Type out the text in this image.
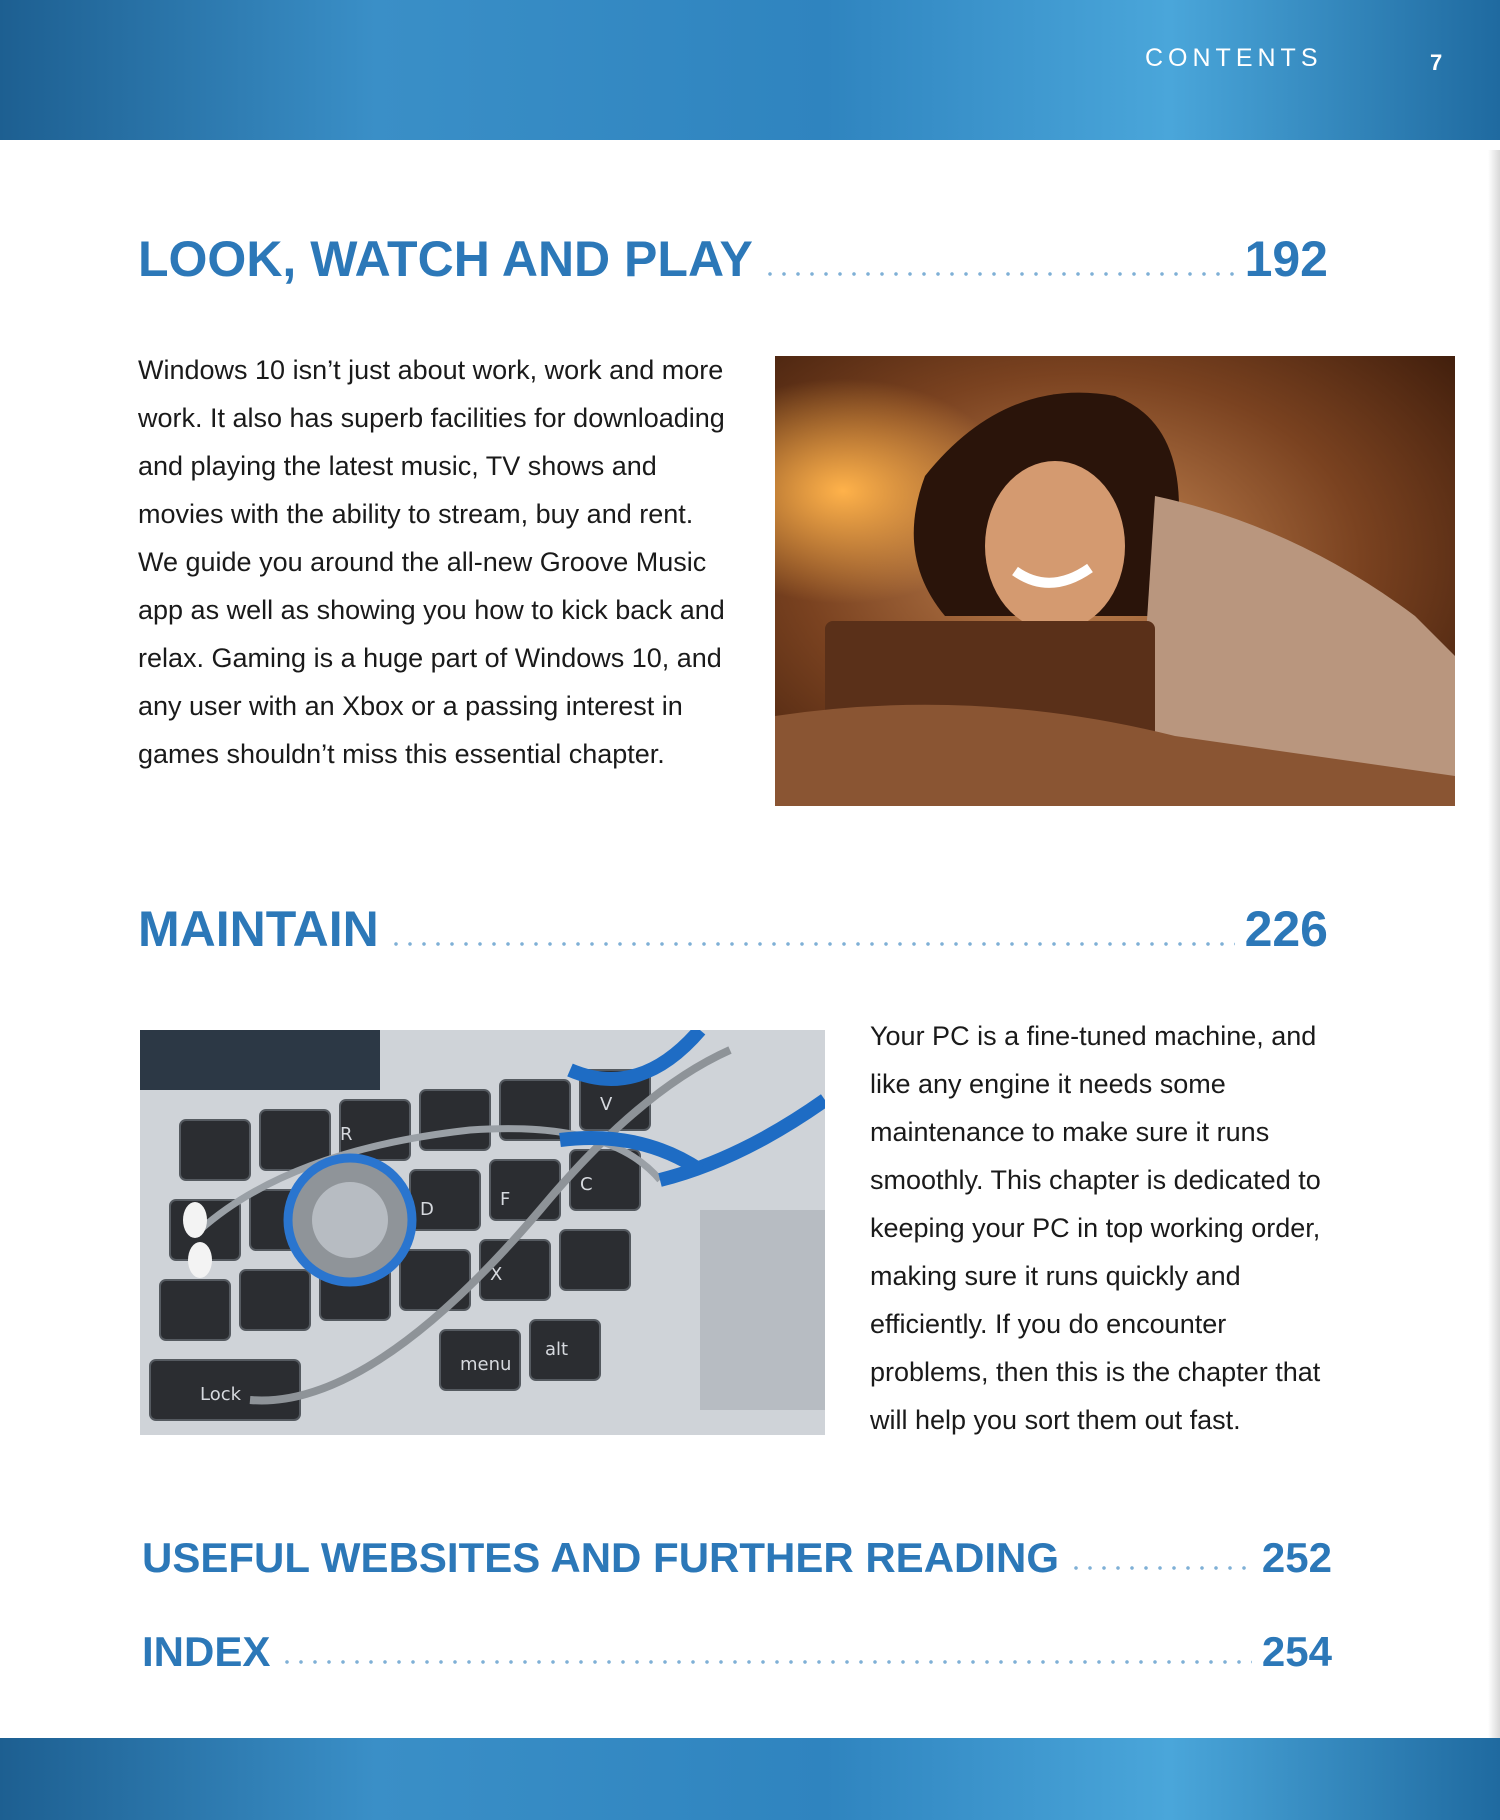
CONTENTS	7
LOOK, WATCH AND PLAY	192
Windows 10 isn’t just about work, work and more work. It also has superb facilities for downloading and playing the latest music, TV shows and movies with the ability to stream, buy and rent. We guide you around the all-new Groove Music app as well as showing you how to kick back and relax. Gaming is a huge part of Windows 10, and any user with an Xbox or a passing interest in games shouldn’t miss this essential chapter.
MAINTAIN	226
R
D	F
C
X
V
menu
alt
Lock
Your PC is a fine-tuned machine, and like any engine it needs some maintenance to make sure it runs smoothly. This chapter is dedicated to keeping your PC in top working order, making sure it runs quickly and efficiently. If you do encounter problems, then this is the chapter that will help you sort them out fast.
USEFUL WEBSITES AND FURTHER READING	252
INDEX	254
